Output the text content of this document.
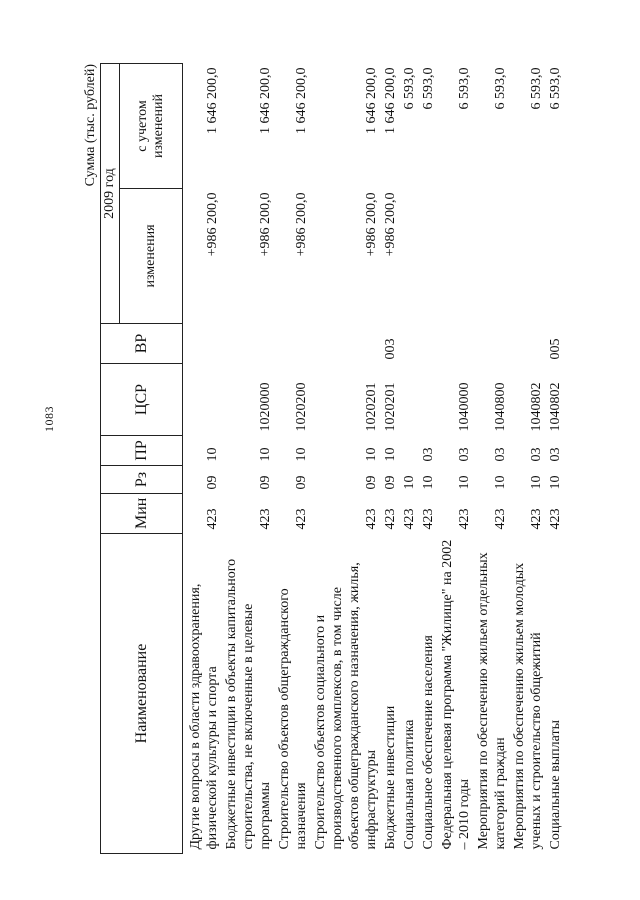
1083
Сумма (тыс. рублей)
Наименование	Мин	Рз	ПР	ЦСР	ВР	2009 год	
						изменения	с учетом изменений
Другие вопросы в области здравоохранения, физической культуры и спорта	423	09	10			+986 200,0	1 646 200,0
Бюджетные инвестиции в объекты капитального строительства, не включенные в целевые программы	423	09	10	1020000		+986 200,0	1 646 200,0
Строительство объектов общегражданского назначения	423	09	10	1020200		+986 200,0	1 646 200,0
Строительство объектов социального и производственного комплексов, в том числе объектов общегражданского назначения, жилья, инфраструктуры	423	09	10	1020201		+986 200,0	1 646 200,0
Бюджетные инвестиции	423	09	10	1020201	003	+986 200,0	1 646 200,0
Социальная политика	423	10					6 593,0
Социальное обеспечение населения	423	10	03				6 593,0
Федеральная целевая программа "Жилище" на 2002 – 2010 годы	423	10	03	1040000			6 593,0
Мероприятия по обеспечению жильем отдельных категорий граждан	423	10	03	1040800			6 593,0
Мероприятия по обеспечению жильем молодых ученых и строительство общежитий	423	10	03	1040802			6 593,0
Социальные выплаты	423	10	03	1040802	005		6 593,0
